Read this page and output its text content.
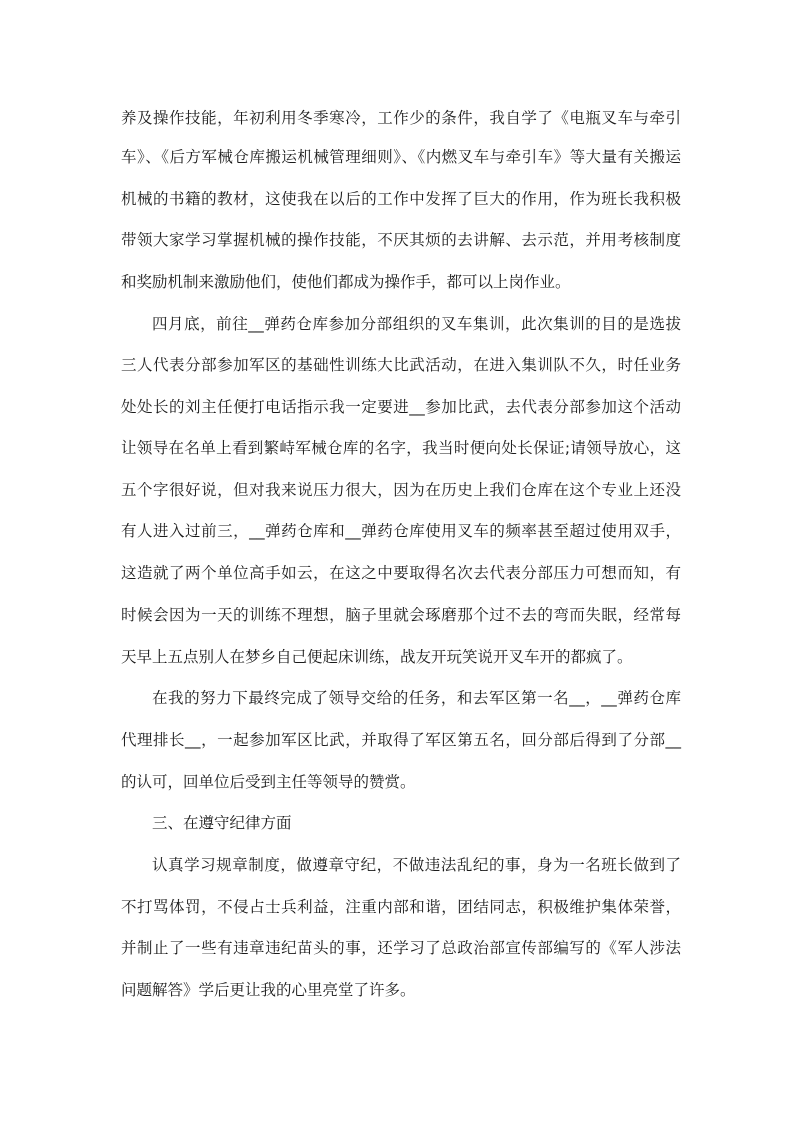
养及操作技能，年初利用冬季寒冷，工作少的条件，我自学了《电瓶叉车与牵引
车》、《后方军械仓库搬运机械管理细则》、《内燃叉车与牵引车》等大量有关搬运
机械的书籍的教材，这使我在以后的工作中发挥了巨大的作用，作为班长我积极
带领大家学习掌握机械的操作技能，不厌其烦的去讲解、去示范，并用考核制度
和奖励机制来激励他们，使他们都成为操作手，都可以上岗作业。
四月底，前往__弹药仓库参加分部组织的叉车集训，此次集训的目的是选拔
三人代表分部参加军区的基础性训练大比武活动，在进入集训队不久，时任业务
处处长的刘主任便打电话指示我一定要进__参加比武，去代表分部参加这个活动
让领导在名单上看到繁峙军械仓库的名字，我当时便向处长保证;请领导放心，这
五个字很好说，但对我来说压力很大，因为在历史上我们仓库在这个专业上还没
有人进入过前三，__弹药仓库和__弹药仓库使用叉车的频率甚至超过使用双手，
这造就了两个单位高手如云，在这之中要取得名次去代表分部压力可想而知，有
时候会因为一天的训练不理想，脑子里就会琢磨那个过不去的弯而失眠，经常每
天早上五点别人在梦乡自己便起床训练，战友开玩笑说开叉车开的都疯了。
在我的努力下最终完成了领导交给的任务，和去军区第一名__，__弹药仓库
代理排长__，一起参加军区比武，并取得了军区第五名，回分部后得到了分部__
的认可，回单位后受到主任等领导的赞赏。
三、在遵守纪律方面
认真学习规章制度，做遵章守纪，不做违法乱纪的事，身为一名班长做到了
不打骂体罚，不侵占士兵利益，注重内部和谐，团结同志，积极维护集体荣誉，
并制止了一些有违章违纪苗头的事，还学习了总政治部宣传部编写的《军人涉法
问题解答》学后更让我的心里亮堂了许多。
